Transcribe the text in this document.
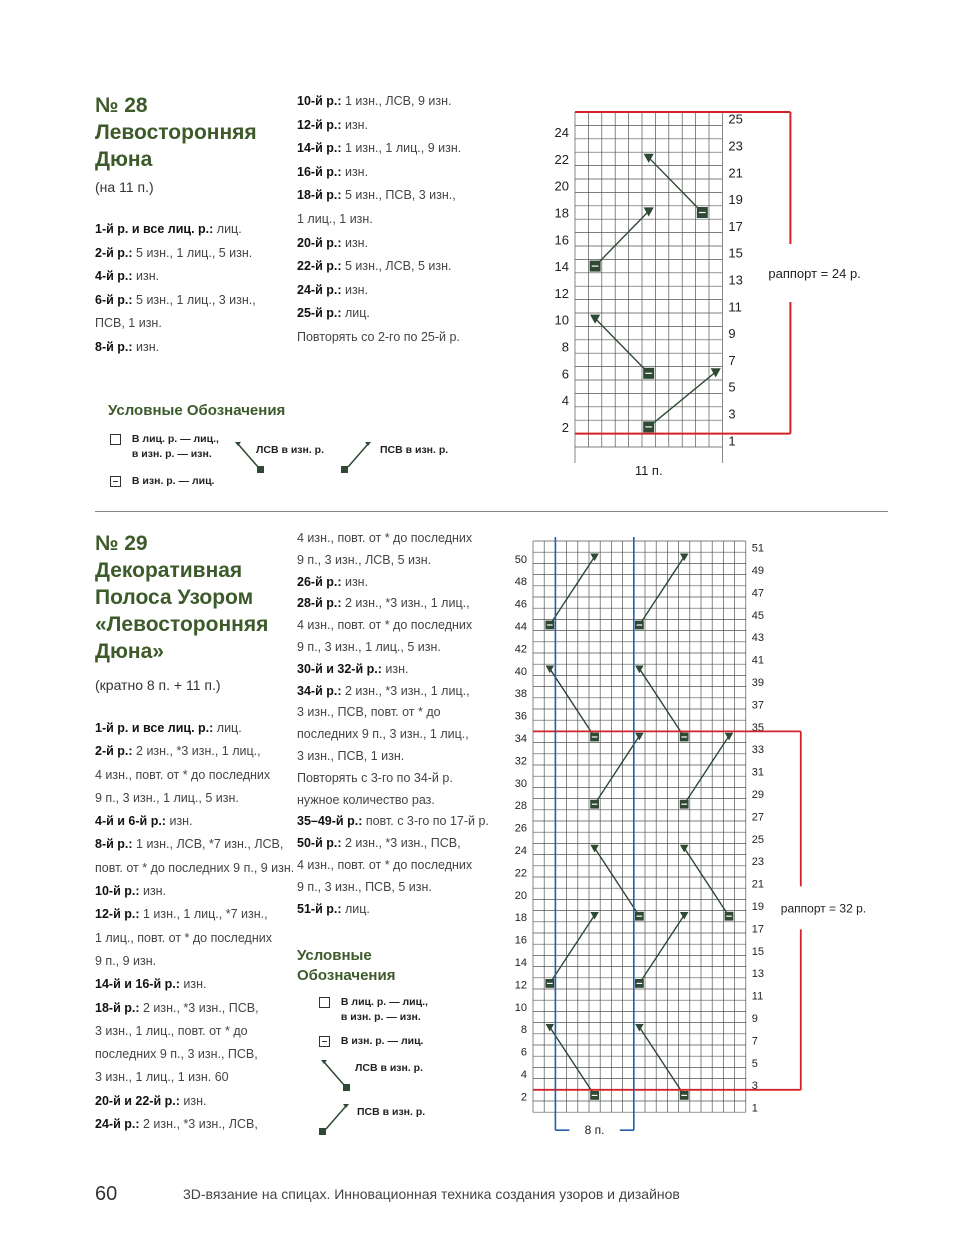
№ 28
Левосторонняя
Дюна
(на 11 п.)
1-й р. и все лиц. р.: лиц.
2-й р.: 5 изн., 1 лиц., 5 изн.
4-й р.: изн.
6-й р.: 5 изн., 1 лиц., 3 изн.,
ПСВ, 1 изн.
8-й р.: изн.
10-й р.: 1 изн., ЛСВ, 9 изн.
12-й р.: изн.
14-й р.: 1 изн., 1 лиц., 9 изн.
16-й р.: изн.
18-й р.: 5 изн., ПСВ, 3 изн.,
1 лиц., 1 изн.
20-й р.: изн.
22-й р.: 5 изн., ЛСВ, 5 изн.
24-й р.: изн.
25-й р.: лиц.
Повторять со 2-го по 25-й р.
Условные Обозначения
В лиц. р. — лиц.,
в изн. р. — изн.
В изн. р. — лиц.
ЛСВ в изн. р.	ПСВ в изн. р.
2
4
6
8
10
12
14
16
18
20
22
24
1
3
5
7
9
11
13
15
17
19
21
23
25
раппорт = 24 р.
11 п.
№ 29
Декоративная
Полоса Узором
«Левосторонняя
Дюна»
(кратно 8 п. + 11 п.)
1-й р. и все лиц. р.: лиц.
2-й р.: 2 изн., *3 изн., 1 лиц.,
4 изн., повт. от * до последних
9 п., 3 изн., 1 лиц., 5 изн.
4-й и 6-й р.: изн.
8-й р.: 1 изн., ЛСВ, *7 изн., ЛСВ,
повт. от * до последних 9 п., 9 изн.
10-й р.: изн.
12-й р.: 1 изн., 1 лиц., *7 изн.,
1 лиц., повт. от * до последних
9 п., 9 изн.
14-й и 16-й р.: изн.
18-й р.: 2 изн., *3 изн., ПСВ,
3 изн., 1 лиц., повт. от * до
последних 9 п., 3 изн., ПСВ,
3 изн., 1 лиц., 1 изн. 60
20-й и 22-й р.: изн.
24-й р.: 2 изн., *3 изн., ЛСВ,
4 изн., повт. от * до последних
9 п., 3 изн., ЛСВ, 5 изн.
26-й р.: изн.
28-й р.: 2 изн., *3 изн., 1 лиц.,
4 изн., повт. от * до последних
9 п., 3 изн., 1 лиц., 5 изн.
30-й и 32-й р.: изн.
34-й р.: 2 изн., *3 изн., 1 лиц.,
3 изн., ПСВ, повт. от * до
последних 9 п., 3 изн., 1 лиц.,
3 изн., ПСВ, 1 изн.
Повторять с 3-го по 34-й р.
нужное количество раз.
35–49-й р.: повт. с 3-го по 17-й р.
50-й р.: 2 изн., *3 изн., ПСВ,
4 изн., повт. от * до последних
9 п., 3 изн., ПСВ, 5 изн.
51-й р.: лиц.
Условные
Обозначения
В лиц. р. — лиц.,
в изн. р. — изн.
В изн. р. — лиц.
ЛСВ в изн. р.
ПСВ в изн. р.
2
4
6
8
10
12
14
16
18
20
22
24
26
28
30
32
34
36
38
40
42
44
46
48
50
1
3
5
7
9
11
13
15
17
19
21
23
25
27
29
31
33
35
37
39
41
43
45
47
49
51
раппорт = 32 р.
8 п.
60	3D-вязание на спицах. Инновационная техника создания узоров и дизайнов
